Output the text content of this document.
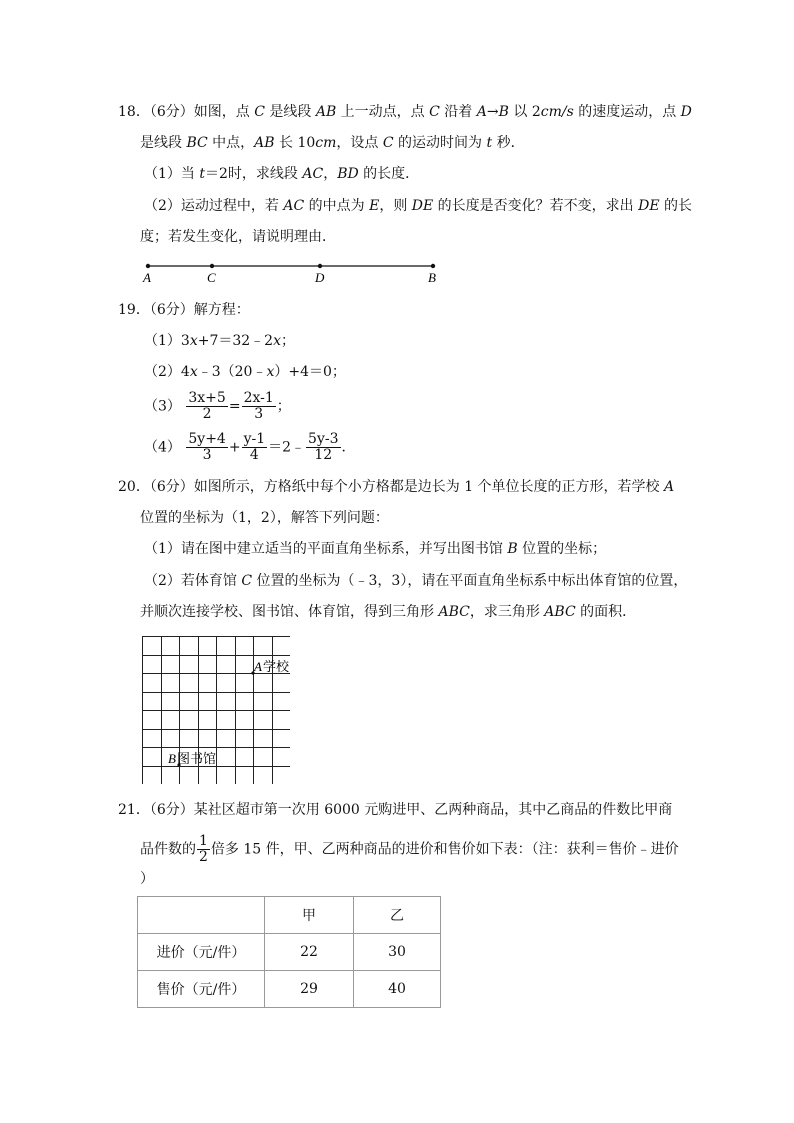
18．（6分）如图，点 C 是线段 AB 上一动点，点 C 沿着 A→B 以 2cm/s 的速度运动，点 D
是线段 BC 中点，AB 长 10cm，设点 C 的运动时间为 t 秒．
（1）当 t＝2时，求线段 AC，BD 的长度．
（2）运动过程中，若 AC 的中点为 E，则 DE 的长度是否变化？若不变，求出 DE 的长
度；若发生变化，请说明理由．
A	C	D	B
19．（6分）解方程：
（1）3x+7＝32﹣2x；
（2）4x﹣3（20﹣x）+4＝0；
$(3) \frac{3x+5}{2} = \frac{2x-1}{3}$ ；
$(4) \frac{5y+4}{3} + \frac{y-1}{4}$ ＝2﹣ $\frac{5y-3}{12}$ ．
20．（6分）如图所示，方格纸中每个小方格都是边长为 1 个单位长度的正方形，若学校 A
位置的坐标为（1，2），解答下列问题：
（1）请在图中建立适当的平面直角坐标系，并写出图书馆 B 位置的坐标；
（2）若体育馆 C 位置的坐标为（﹣3，3），请在平面直角坐标系中标出体育馆的位置，
并顺次连接学校、图书馆、体育馆，得到三角形 ABC，求三角形 ABC 的面积．
A 学校
B 图书馆
21．（6分）某社区超市第一次用 6000 元购进甲、乙两种商品，其中乙商品的件数比甲商
品件数的 $\frac{1}{2}$ 倍多 15 件，甲、乙两种商品的进价和售价如下表：（注：获利＝售价﹣进价
）
	甲	乙
进价（元/件）	22	30
售价（元/件）	29	40
